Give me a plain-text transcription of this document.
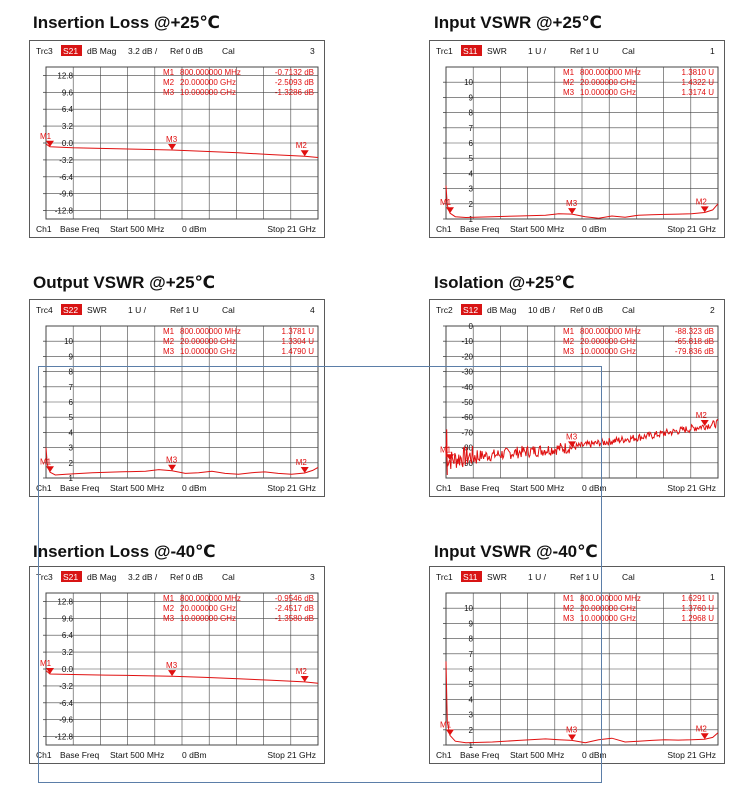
Insertion Loss @+25℃	Input VSWR @+25℃
Output VSWR @+25℃	Isolation @+25℃
Insertion Loss @-40℃	Input VSWR @-40℃
Trc3 S21 dB Mag 3.2 dB / Ref 0 dB Cal	3
12.8
9.6
6.4
3.2
0.0
-3.2
-6.4
-9.6
-12.8
M1 800.000000 MHz	-0.7132 dB
M2 20.000000 GHz	-2.5093 dB
M3 10.000000 GHz	-1.3286 dB
M1
M2
M3
Ch1 Base Freq Start 500 MHz 0 dBm	Stop 21 GHz
Trc1 S11 SWR 1 U /	Ref 1 U	Cal	1
10
9
8
7
6
5
4
3
2
1
M1 800.000000 MHz	1.3810 U
M2 20.000000 GHz	1.4322 U
M3 10.000000 GHz	1.3174 U
M1	M2
M3
Ch1 Base Freq Start 500 MHz 0 dBm	Stop 21 GHz
Trc4 S22 SWR 1 U /	Ref 1 U	Cal	4
10
9
8
7
6
5
4
3
2
1
M1 800.000000 MHz	1.3781 U
M2 20.000000 GHz	1.3304 U
M3 10.000000 GHz	1.4790 U
M1	M2
M3
Ch1 Base Freq Start 500 MHz 0 dBm	Stop 21 GHz
Trc2 S12 dB Mag 10 dB / Ref 0 dB Cal	2
0
-10
-20
-30
-40
-50
-60
-70
-80
-90
M1 800.000000 MHz	-88.323 dB
M2 20.000000 GHz	-65.818 dB
M3 10.000000 GHz	-79.836 dB
M1
M2
M3
Ch1 Base Freq Start 500 MHz 0 dBm	Stop 21 GHz
Trc3 S21 dB Mag 3.2 dB / Ref 0 dB Cal	3
12.8
9.6
6.4
3.2
0.0
-3.2
-6.4
-9.6
-12.8
M1 800.000000 MHz	-0.9546 dB
M2 20.000000 GHz	-2.4517 dB
M3 10.000000 GHz	-1.3580 dB
M1
M2
M3
Ch1 Base Freq Start 500 MHz 0 dBm	Stop 21 GHz
Trc1 S11 SWR 1 U /	Ref 1 U	Cal	1
10
9
8
7
6
5
4
3
2
1
M1 800.000000 MHz	1.6291 U
M2 20.000000 GHz	1.3760 U
M3 10.000000 GHz	1.2968 U
M1	M2
M3
Ch1 Base Freq Start 500 MHz 0 dBm	Stop 21 GHz
